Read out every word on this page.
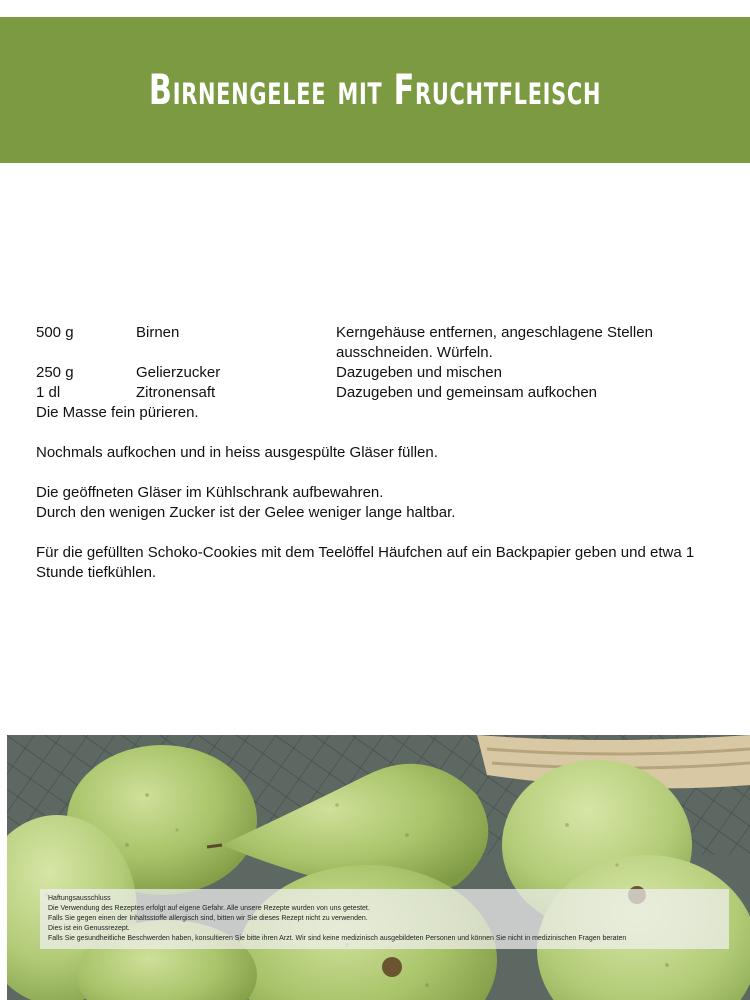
Birnengelee mit Fruchtfleisch
500 g	Birnen	Kerngehäuse entfernen, angeschlagene Stellen ausschneiden. Würfeln.
250 g	Gelierzucker	Dazugeben und mischen
1 dl	Zitronensaft	Dazugeben und gemeinsam aufkochen

Die Masse fein pürieren.

Nochmals aufkochen und in heiss ausgespülte Gläser füllen.

Die geöffneten Gläser im Kühlschrank aufbewahren.
Durch den wenigen Zucker ist der Gelee weniger lange haltbar.

Für die gefüllten Schoko-Cookies mit dem Teelöffel Häufchen auf ein Backpapier geben und etwa 1 Stunde tiefkühlen.

Haftungsausschluss
Die Verwendung des Rezeptes erfolgt auf eigene Gefahr. Alle unsere Rezepte wurden von uns getestet.
Falls Sie gegen einen der Inhaltsstoffe allergisch sind, bitten wir Sie dieses Rezept nicht zu verwenden.
Dies ist ein Genussrezept.
Falls Sie gesundheitliche Beschwerden haben, konsultieren Sie bitte ihren Arzt. Wir sind keine medizinisch ausgebildeten Personen und können Sie nicht in medizinischen Fragen beraten
